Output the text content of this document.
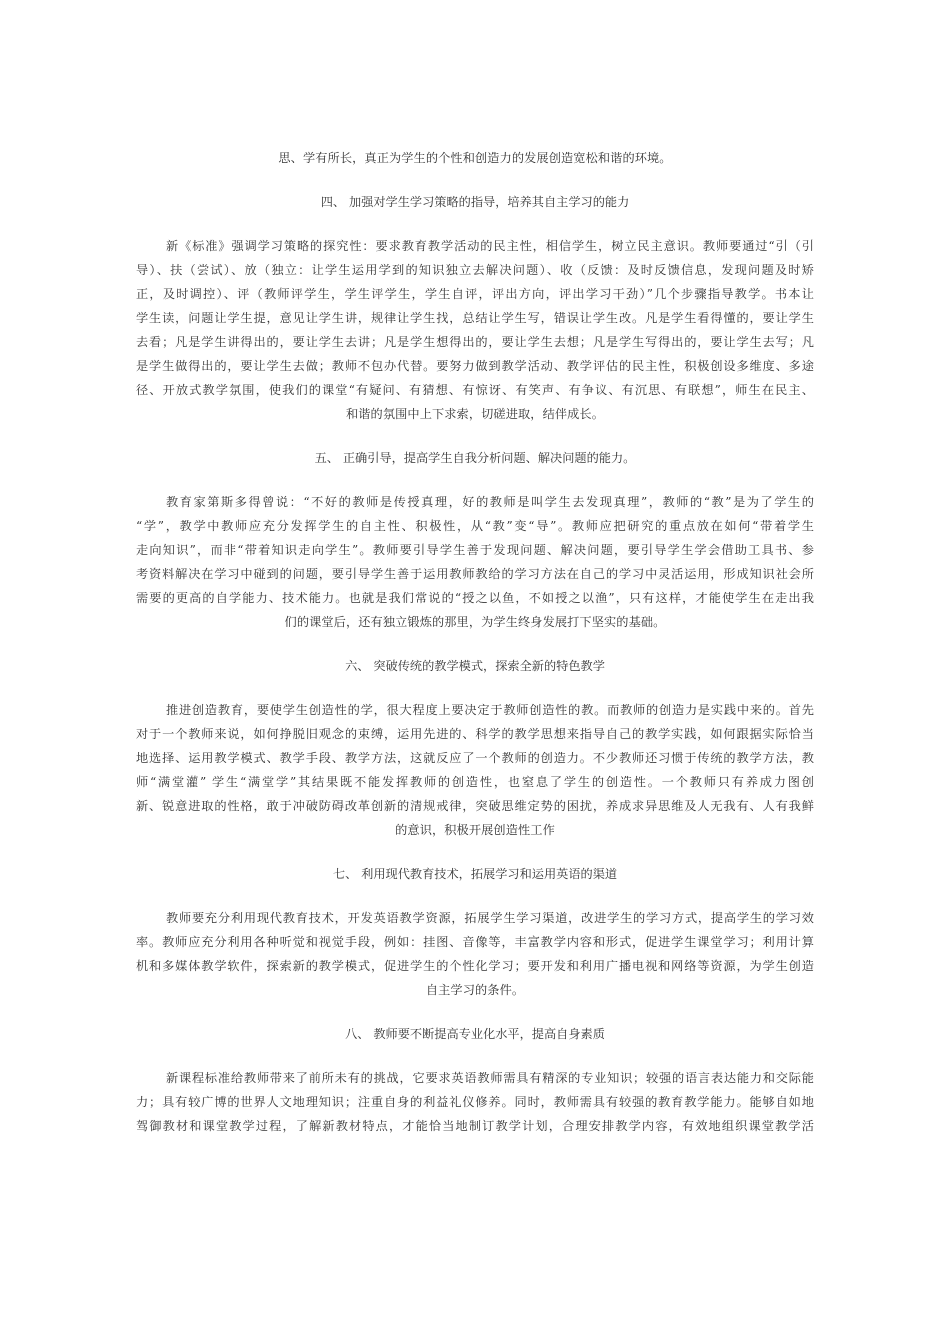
思、学有所长，真正为学生的个性和创造力的发展创造宽松和谐的环境。
四、 加强对学生学习策略的指导，培养其自主学习的能力
新《标准》强调学习策略的探究性：要求教育教学活动的民主性，相信学生，树立民主意识。教师要通过“引（引
导）、扶（尝试）、放（独立：让学生运用学到的知识独立去解决问题）、收（反馈：及时反馈信息，发现问题及时矫
正，及时调控）、评（教师评学生，学生评学生，学生自评，评出方向，评出学习干劲）”几个步骤指导教学。书本让
学生读，问题让学生提，意见让学生讲，规律让学生找，总结让学生写，错误让学生改。凡是学生看得懂的，要让学生
去看；凡是学生讲得出的，要让学生去讲；凡是学生想得出的，要让学生去想；凡是学生写得出的，要让学生去写；凡
是学生做得出的，要让学生去做；教师不包办代替。要努力做到教学活动、教学评估的民主性，积极创设多维度、多途
径、开放式教学氛围，使我们的课堂“有疑问、有猜想、有惊讶、有笑声、有争议、有沉思、有联想”，师生在民主、
和谐的氛围中上下求索，切磋进取，结伴成长。
五、 正确引导，提高学生自我分析问题、解决问题的能力。
教育家第斯多得曾说：“不好的教师是传授真理，好的教师是叫学生去发现真理”，教师的“教”是为了学生的
“学”，教学中教师应充分发挥学生的自主性、积极性，从“教”变“导”。教师应把研究的重点放在如何“带着学生
走向知识”，而非“带着知识走向学生”。教师要引导学生善于发现问题、解决问题，要引导学生学会借助工具书、参
考资料解决在学习中碰到的问题，要引导学生善于运用教师教给的学习方法在自己的学习中灵活运用，形成知识社会所
需要的更高的自学能力、技术能力。也就是我们常说的“授之以鱼，不如授之以渔”，只有这样，才能使学生在走出我
们的课堂后，还有独立锻炼的那里，为学生终身发展打下坚实的基础。
六、 突破传统的教学模式，探索全新的特色教学
推进创造教育，要使学生创造性的学，很大程度上要决定于教师创造性的教。而教师的创造力是实践中来的。首先
对于一个教师来说，如何挣脱旧观念的束缚，运用先进的、科学的教学思想来指导自己的教学实践，如何跟据实际恰当
地选择、运用教学模式、教学手段、教学方法，这就反应了一个教师的创造力。不少教师还习惯于传统的教学方法，教
师“满堂灌” 学生“满堂学”其结果既不能发挥教师的创造性，也窒息了学生的创造性。一个教师只有养成力图创
新、锐意进取的性格，敢于冲破防碍改革创新的清规戒律，突破思维定势的困扰，养成求异思维及人无我有、人有我鲜
的意识，积极开展创造性工作
七、 利用现代教育技术，拓展学习和运用英语的渠道
教师要充分利用现代教育技术，开发英语教学资源，拓展学生学习渠道，改进学生的学习方式，提高学生的学习效
率。教师应充分利用各种听觉和视觉手段，例如：挂图、音像等，丰富教学内容和形式，促进学生课堂学习；利用计算
机和多媒体教学软件，探索新的教学模式，促进学生的个性化学习；要开发和利用广播电视和网络等资源，为学生创造
自主学习的条件。
八、 教师要不断提高专业化水平，提高自身素质
新课程标准给教师带来了前所未有的挑战，它要求英语教师需具有精深的专业知识；较强的语言表达能力和交际能
力；具有较广博的世界人文地理知识；注重自身的利益礼仪修养。同时，教师需具有较强的教育教学能力。能够自如地
驾御教材和课堂教学过程，了解新教材特点，才能恰当地制订教学计划，合理安排教学内容，有效地组织课堂教学活
